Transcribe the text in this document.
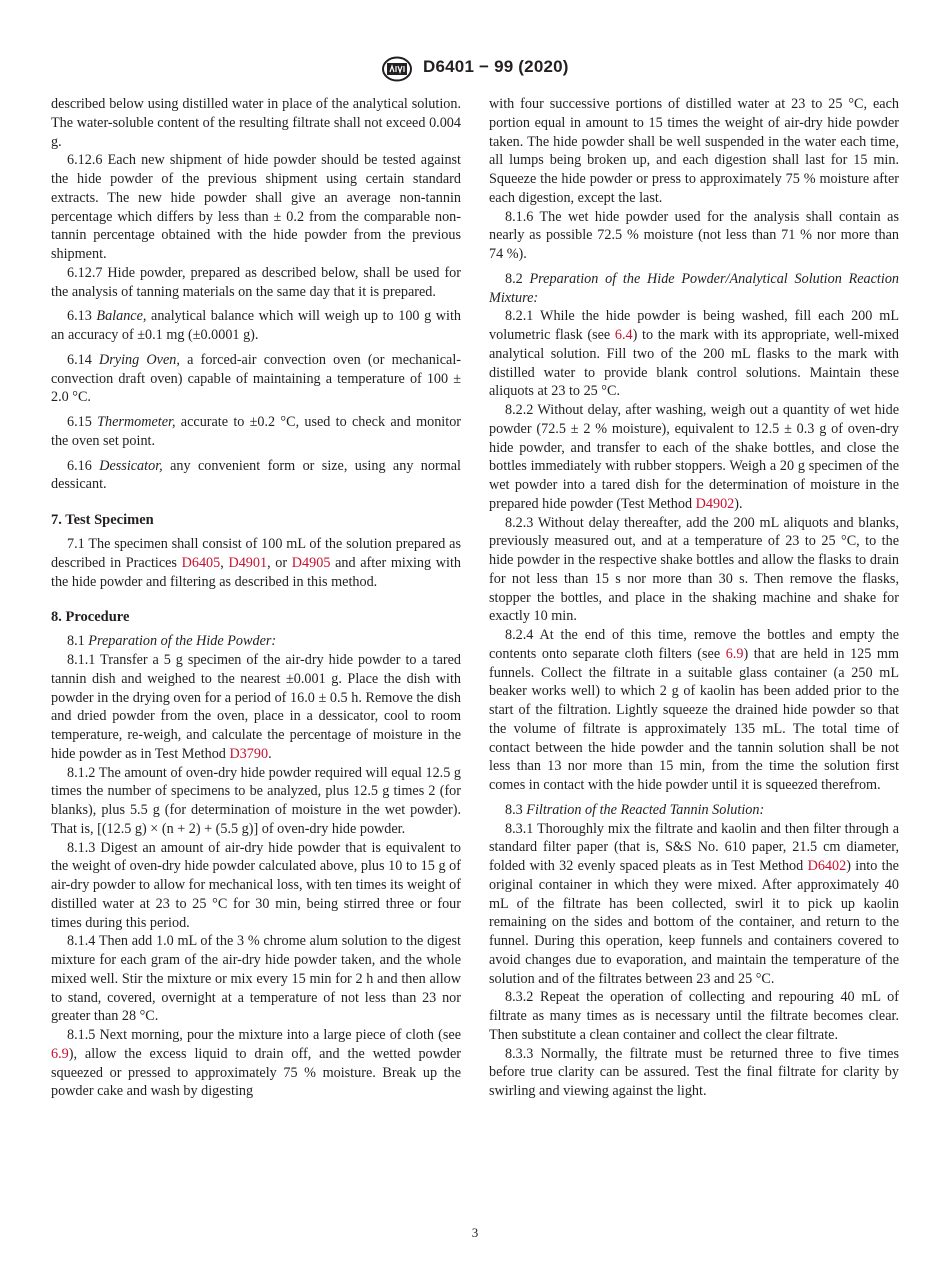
D6401 − 99 (2020)

described below using distilled water in place of the analytical solution. The water-soluble content of the resulting filtrate shall not exceed 0.004 g.

6.12.6 Each new shipment of hide powder should be tested against the hide powder of the previous shipment using certain standard extracts. The new hide powder shall give an average non-tannin percentage which differs by less than ± 0.2 from the comparable non-tannin percentage obtained with the hide powder from the previous shipment.

6.12.7 Hide powder, prepared as described below, shall be used for the analysis of tanning materials on the same day that it is prepared.

6.13 Balance, analytical balance which will weigh up to 100 g with an accuracy of ±0.1 mg (±0.0001 g).

6.14 Drying Oven, a forced-air convection oven (or mechanical-convection draft oven) capable of maintaining a temperature of 100 ± 2.0 °C.

6.15 Thermometer, accurate to ±0.2 °C, used to check and monitor the oven set point.

6.16 Dessicator, any convenient form or size, using any normal dessicant.

7. Test Specimen

7.1 The specimen shall consist of 100 mL of the solution prepared as described in Practices D6405, D4901, or D4905 and after mixing with the hide powder and filtering as described in this method.

8. Procedure

8.1 Preparation of the Hide Powder:

8.1.1 Transfer a 5 g specimen of the air-dry hide powder to a tared tannin dish and weighed to the nearest ±0.001 g. Place the dish with powder in the drying oven for a period of 16.0 ± 0.5 h. Remove the dish and dried powder from the oven, place in a dessicator, cool to room temperature, re-weigh, and calculate the percentage of moisture in the hide powder as in Test Method D3790.

8.1.2 The amount of oven-dry hide powder required will equal 12.5 g times the number of specimens to be analyzed, plus 12.5 g times 2 (for blanks), plus 5.5 g (for determination of moisture in the wet powder). That is, [(12.5 g) × (n + 2) + (5.5 g)] of oven-dry hide powder.

8.1.3 Digest an amount of air-dry hide powder that is equivalent to the weight of oven-dry hide powder calculated above, plus 10 to 15 g of air-dry powder to allow for mechanical loss, with ten times its weight of distilled water at 23 to 25 °C for 30 min, being stirred three or four times during this period.

8.1.4 Then add 1.0 mL of the 3 % chrome alum solution to the digest mixture for each gram of the air-dry hide powder taken, and the whole mixed well. Stir the mixture or mix every 15 min for 2 h and then allow to stand, covered, overnight at a temperature of not less than 23 nor greater than 28 °C.

8.1.5 Next morning, pour the mixture into a large piece of cloth (see 6.9), allow the excess liquid to drain off, and the wetted powder squeezed or pressed to approximately 75 % moisture. Break up the powder cake and wash by digesting

with four successive portions of distilled water at 23 to 25 °C, each portion equal in amount to 15 times the weight of air-dry hide powder taken. The hide powder shall be well suspended in the water each time, all lumps being broken up, and each digestion shall last for 15 min. Squeeze the hide powder or press to approximately 75 % moisture after each digestion, except the last.

8.1.6 The wet hide powder used for the analysis shall contain as nearly as possible 72.5 % moisture (not less than 71 % nor more than 74 %).

8.2 Preparation of the Hide Powder/Analytical Solution Reaction Mixture:

8.2.1 While the hide powder is being washed, fill each 200 mL volumetric flask (see 6.4) to the mark with its appropriate, well-mixed analytical solution. Fill two of the 200 mL flasks to the mark with distilled water to provide blank control solutions. Maintain these aliquots at 23 to 25 °C.

8.2.2 Without delay, after washing, weigh out a quantity of wet hide powder (72.5 ± 2 % moisture), equivalent to 12.5 ± 0.3 g of oven-dry hide powder, and transfer to each of the shake bottles, and close the bottles immediately with rubber stoppers. Weigh a 20 g specimen of the wet powder into a tared dish for the determination of moisture in the prepared hide powder (Test Method D4902).

8.2.3 Without delay thereafter, add the 200 mL aliquots and blanks, previously measured out, and at a temperature of 23 to 25 °C, to the hide powder in the respective shake bottles and allow the flasks to drain for not less than 15 s nor more than 30 s. Then remove the flasks, stopper the bottles, and place in the shaking machine and shake for exactly 10 min.

8.2.4 At the end of this time, remove the bottles and empty the contents onto separate cloth filters (see 6.9) that are held in 125 mm funnels. Collect the filtrate in a suitable glass container (a 250 mL beaker works well) to which 2 g of kaolin has been added prior to the start of the filtration. Lightly squeeze the drained hide powder so that the volume of filtrate is approximately 135 mL. The total time of contact between the hide powder and the tannin solution shall be not less than 13 nor more than 15 min, from the time the solution first comes in contact with the hide powder until it is squeezed therefrom.

8.3 Filtration of the Reacted Tannin Solution:

8.3.1 Thoroughly mix the filtrate and kaolin and then filter through a standard filter paper (that is, S&S No. 610 paper, 21.5 cm diameter, folded with 32 evenly spaced pleats as in Test Method D6402) into the original container in which they were mixed. After approximately 40 mL of the filtrate has been collected, swirl it to pick up kaolin remaining on the sides and bottom of the container, and return to the funnel. During this operation, keep funnels and containers covered to avoid changes due to evaporation, and maintain the temperature of the solution and of the filtrates between 23 and 25 °C.

8.3.2 Repeat the operation of collecting and repouring 40 mL of filtrate as many times as is necessary until the filtrate becomes clear. Then substitute a clean container and collect the clear filtrate.

8.3.3 Normally, the filtrate must be returned three to five times before true clarity can be assured. Test the final filtrate for clarity by swirling and viewing against the light.

3
